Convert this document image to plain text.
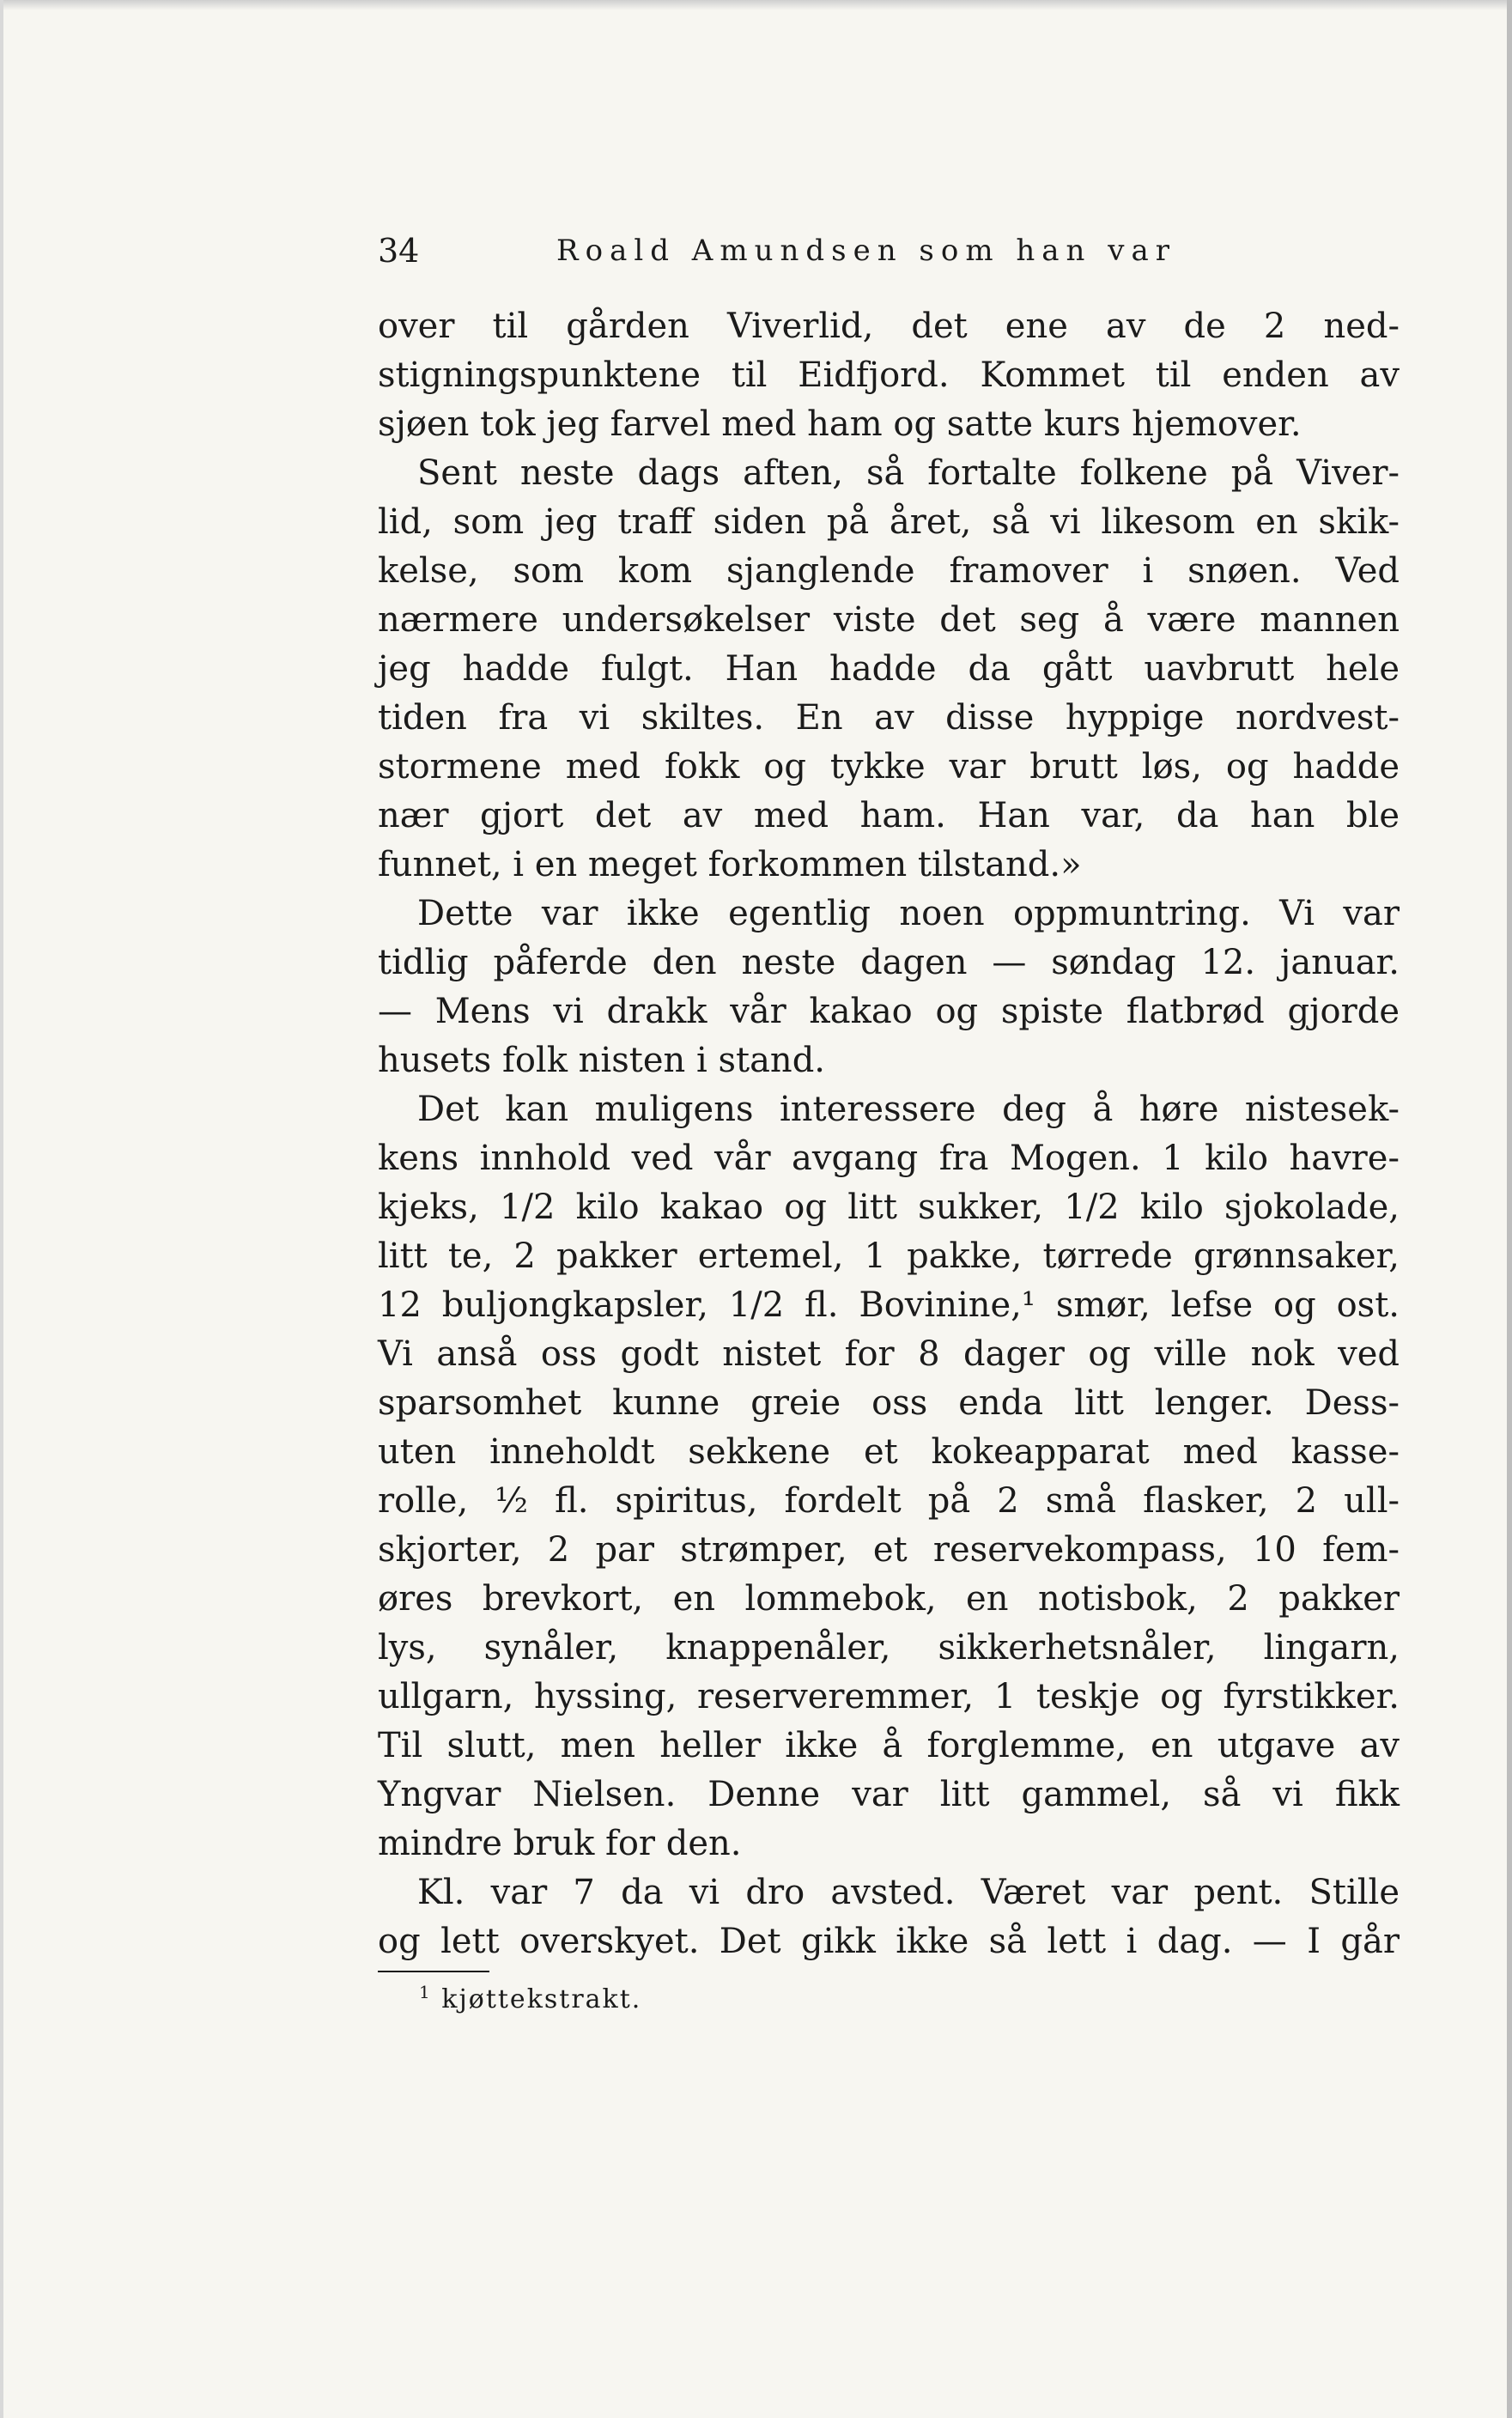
34	Roald Amundsen som han var
over til gården Viverlid, det ene av de 2 ned-
stigningspunktene til Eidfjord. Kommet til enden av
sjøen tok jeg farvel med ham og satte kurs hjemover.
Sent neste dags aften, så fortalte folkene på Viver-
lid, som jeg traff siden på året, så vi likesom en skik-
kelse, som kom sjanglende framover i snøen. Ved
nærmere undersøkelser viste det seg å være mannen
jeg hadde fulgt. Han hadde da gått uavbrutt hele
tiden fra vi skiltes. En av disse hyppige nordvest-
stormene med fokk og tykke var brutt løs, og hadde
nær gjort det av med ham. Han var, da han ble
funnet, i en meget forkommen tilstand.»
Dette var ikke egentlig noen oppmuntring. Vi var
tidlig påferde den neste dagen — søndag 12. januar.
— Mens vi drakk vår kakao og spiste flatbrød gjorde
husets folk nisten i stand.
Det kan muligens interessere deg å høre nistesek-
kens innhold ved vår avgang fra Mogen. 1 kilo havre-
kjeks, 1/2 kilo kakao og litt sukker, 1/2 kilo sjokolade,
litt te, 2 pakker ertemel, 1 pakke, tørrede grønnsaker,
12 buljongkapsler, 1/2 fl. Bovinine,¹ smør, lefse og ost.
Vi anså oss godt nistet for 8 dager og ville nok ved
sparsomhet kunne greie oss enda litt lenger. Dess-
uten inneholdt sekkene et kokeapparat med kasse-
rolle, ½ fl. spiritus, fordelt på 2 små flasker, 2 ull-
skjorter, 2 par strømper, et reservekompass, 10 fem-
øres brevkort, en lommebok, en notisbok, 2 pakker
lys, synåler, knappenåler, sikkerhetsnåler, lingarn,
ullgarn, hyssing, reserveremmer, 1 teskje og fyrstikker.
Til slutt, men heller ikke å forglemme, en utgave av
Yngvar Nielsen. Denne var litt gammel, så vi fikk
mindre bruk for den.
Kl. var 7 da vi dro avsted. Været var pent. Stille
og lett overskyet. Det gikk ikke så lett i dag. — I går
$^1$ kjøttekstrakt.
